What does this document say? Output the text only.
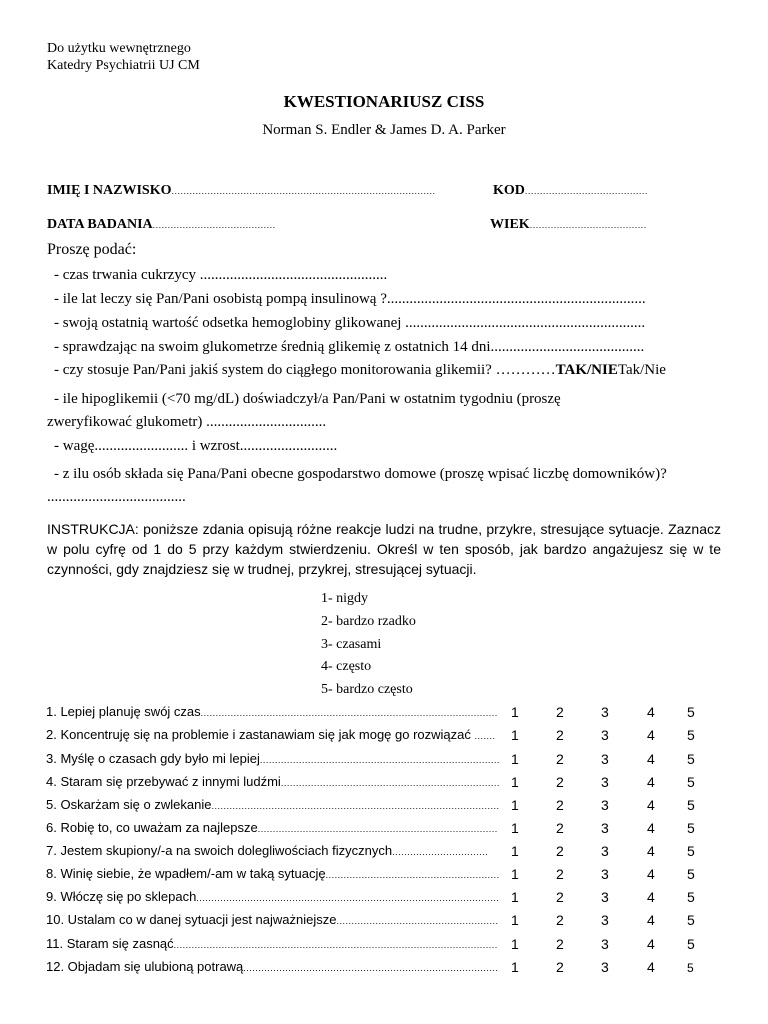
Do użytku wewnętrznego
Katedry Psychiatrii UJ CM
KWESTIONARIUSZ CISS
Norman S. Endler & James D. A. Parker
IMIĘ I NAZWISKO........................................................................................	KOD.........................................
DATA BADANIA.........................................	WIEK.......................................
Proszę podać:
- czas trwania cukrzycy ..................................................
- ile lat leczy się Pan/Pani osobistą pompą insulinową ?.....................................................................
- swoją ostatnią wartość odsetka hemoglobiny glikowanej ................................................................
- sprawdzając na swoim glukometrze średnią glikemię z ostatnich 14 dni.........................................
- czy stosuje Pan/Pani jakiś system do ciągłego monitorowania glikemii? …………TAK/NIETak/Nie
- ile hipoglikemii (<70 mg/dL) doświadczył/a Pan/Pani w ostatnim tygodniu (proszę
zweryfikować glukometr) ................................
- wagę......................... i wzrost..........................
- z ilu osób składa się Pana/Pani obecne gospodarstwo domowe (proszę wpisać liczbę domowników)?
.....................................
INSTRUKCJA: poniższe zdania opisują różne reakcje ludzi na trudne, przykre, stresujące sytuacje. Zaznacz w polu cyfrę od 1 do 5 przy każdym stwierdzeniu. Określ w ten sposób, jak bardzo angażujesz się w te czynności, gdy znajdziesz się w trudnej, przykrej, stresującej sytuacji.
1- nigdy
2- bardzo rzadko
3- czasami
4- często
5- bardzo często
1. Lepiej planuję swój czas................................................................................................... 1	2	3	4 5
2. Koncentruję się na problemie i zastanawiam się jak mogę go rozwiązać ....... 1	2	3	4 5
3. Myślę o czasach gdy było mi lepiej................................................................................ 1	2	3	4 5
4. Staram się przebywać z innymi ludźmi......................................................................... 1	2	3	4 5
5. Oskarżam się o zwlekanie................................................................................................ 1	2	3	4 5
6. Robię to, co uważam za najlepsze................................................................................ 1	2	3	4 5
7. Jestem skupiony/-a na swoich dolegliwościach fizycznych................................ 1	2	3	4 5
8. Winię siebie, że wpadłem/-am w taką sytuację.......................................................... 1	2	3	4 5
9. Włóczę się po sklepach..................................................................................................... 1	2	3	4 5
10. Ustalam co w danej sytuacji jest najważniejsze...................................................... 1	2	3	4 5
11. Staram się zasnąć............................................................................................................ 1	2	3	4 5
12. Objadam się ulubioną potrawą..................................................................................... 1	2	3	4	5
